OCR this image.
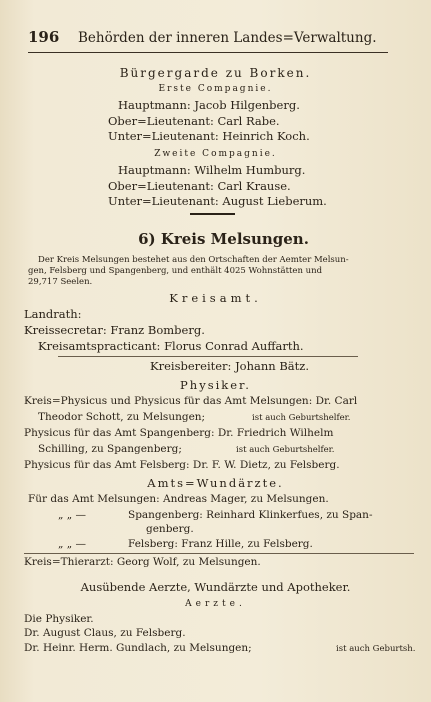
196 Behörden der inneren Landes=Verwaltung.
Bürgergarde zu Borken.
Erste Compagnie.
Hauptmann: Jacob Hilgenberg.
Ober=Lieutenant: Carl Rabe.
Unter=Lieutenant: Heinrich Koch.
Zweite Compagnie.
Hauptmann: Wilhelm Humburg.
Ober=Lieutenant: Carl Krause.
Unter=Lieutenant: August Lieberum.
6) Kreis Melsungen.
Der Kreis Melsungen bestehet aus den Ortschaften der Aemter Melsun-
gen, Felsberg und Spangenberg, und enthält 4025 Wohnstätten und
29,717 Seelen.
Kreisamt.
Landrath:
Kreissecretar: Franz Bomberg.
Kreisamtspracticant: Florus Conrad Auffarth.
Kreisbereiter: Johann Bätz.
Physiker.
Kreis=Physicus und Physicus für das Amt Melsungen: Dr. Carl
Theodor Schott, zu Melsungen;	ist auch Geburtshelfer.
Physicus für das Amt Spangenberg: Dr. Friedrich Wilhelm
Schilling, zu Spangenberg;	ist auch Geburtshelfer.
Physicus für das Amt Felsberg: Dr. F. W. Dietz, zu Felsberg.
Amts=Wundärzte.
Für das Amt Melsungen: Andreas Mager, zu Melsungen.
„ „ —	Spangenberg: Reinhard Klinkerfues, zu Span-
genberg.
„ „ —	Felsberg: Franz Hille, zu Felsberg.
Kreis=Thierarzt: Georg Wolf, zu Melsungen.
Ausübende Aerzte, Wundärzte und Apotheker.
Aerzte.
Die Physiker.
Dr. August Claus, zu Felsberg.
Dr. Heinr. Herm. Gundlach, zu Melsungen;	ist auch Geburtsh.
